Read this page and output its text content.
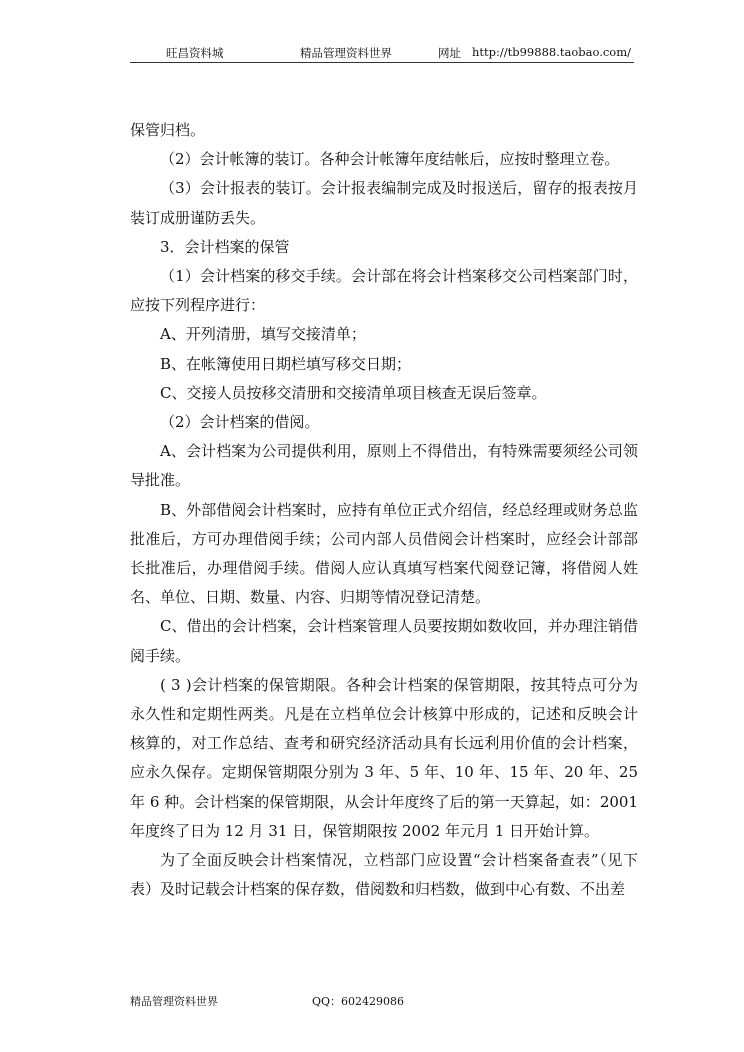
旺昌资料城	精品管理资料世界	网址 http://tb99888.taobao.com/

保管归档。

（2）会计帐簿的装订。各种会计帐簿年度结帐后，应按时整理立卷。

（3）会计报表的装订。会计报表编制完成及时报送后，留存的报表按月装订成册谨防丢失。

3．会计档案的保管

（1）会计档案的移交手续。会计部在将会计档案移交公司档案部门时，应按下列程序进行：

A、开列清册，填写交接清单；

B、在帐簿使用日期栏填写移交日期；

C、交接人员按移交清册和交接清单项目核查无误后签章。

（2）会计档案的借阅。

A、会计档案为公司提供利用，原则上不得借出，有特殊需要须经公司领导批准。

B、外部借阅会计档案时，应持有单位正式介绍信，经总经理或财务总监批准后，方可办理借阅手续；公司内部人员借阅会计档案时，应经会计部部长批准后，办理借阅手续。借阅人应认真填写档案代阅登记簿，将借阅人姓名、单位、日期、数量、内容、归期等情况登记清楚。

C、借出的会计档案，会计档案管理人员要按期如数收回，并办理注销借阅手续。

( 3 )会计档案的保管期限。各种会计档案的保管期限，按其特点可分为永久性和定期性两类。凡是在立档单位会计核算中形成的，记述和反映会计核算的，对工作总结、查考和研究经济活动具有长远利用价值的会计档案，应永久保存。定期保管期限分别为 3 年、5 年、10 年、15 年、20 年、25 年 6 种。会计档案的保管期限，从会计年度终了后的第一天算起，如：2001 年度终了日为 12 月 31 日，保管期限按 2002 年元月 1 日开始计算。

为了全面反映会计档案情况，立档部门应设置“会计档案备查表”（见下表）及时记载会计档案的保存数，借阅数和归档数，做到中心有数、不出差

精品管理资料世界	QQ：602429086
